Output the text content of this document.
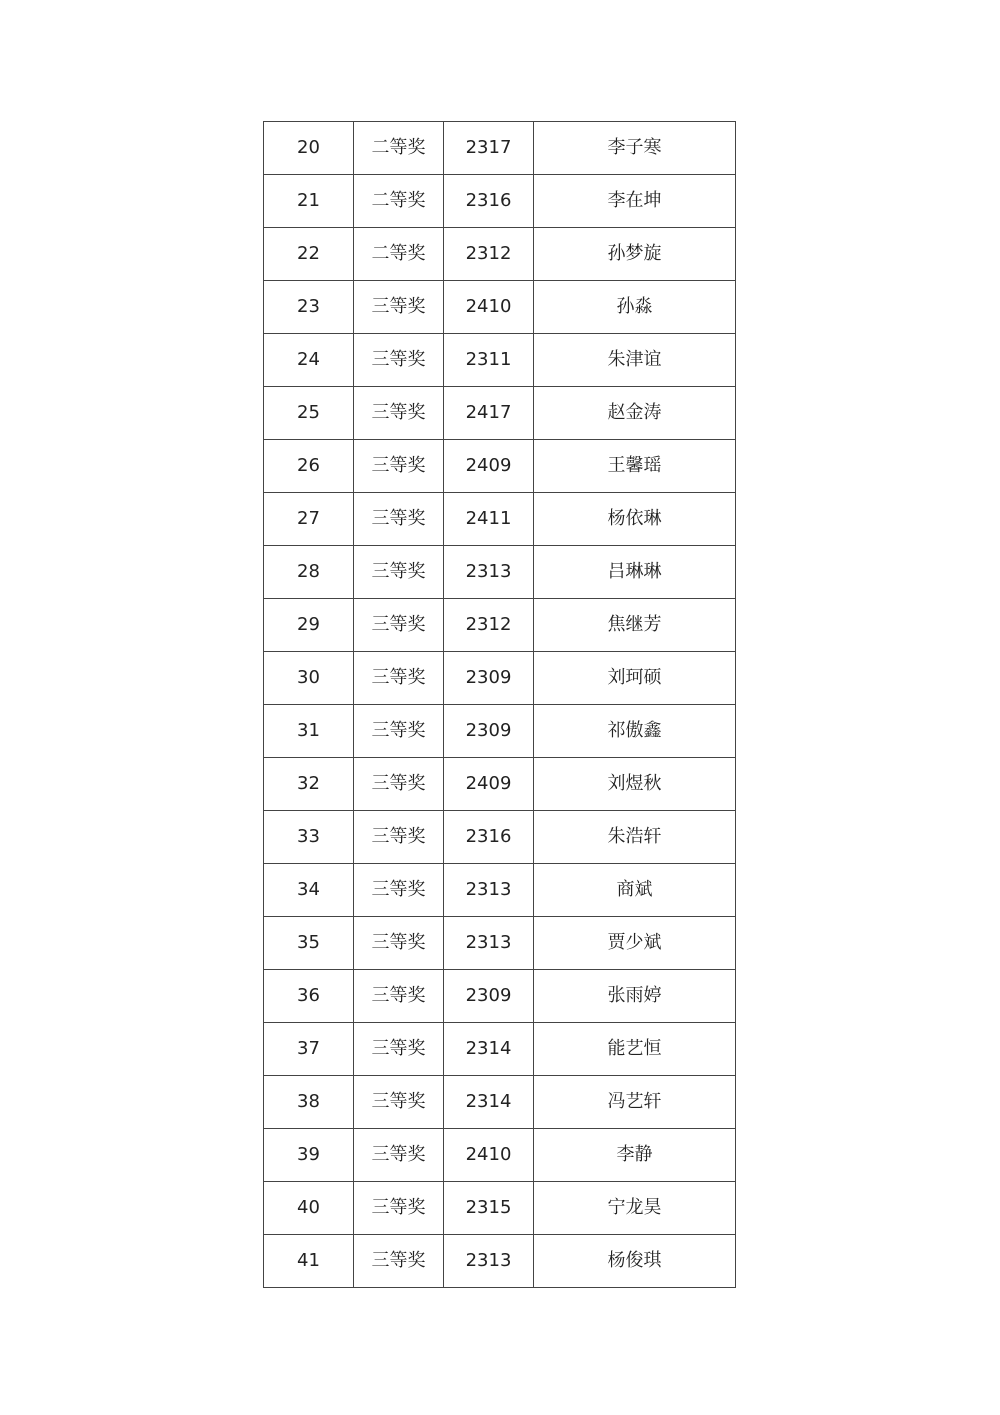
20	二等奖	2317	李子寒
21	二等奖	2316	李在坤
22	二等奖	2312	孙梦旋
23	三等奖	2410	孙淼
24	三等奖	2311	朱津谊
25	三等奖	2417	赵金涛
26	三等奖	2409	王馨瑶
27	三等奖	2411	杨依琳
28	三等奖	2313	吕琳琳
29	三等奖	2312	焦继芳
30	三等奖	2309	刘珂硕
31	三等奖	2309	祁傲鑫
32	三等奖	2409	刘煜秋
33	三等奖	2316	朱浩轩
34	三等奖	2313	商斌
35	三等奖	2313	贾少斌
36	三等奖	2309	张雨婷
37	三等奖	2314	能艺恒
38	三等奖	2314	冯艺轩
39	三等奖	2410	李静
40	三等奖	2315	宁龙昊
41	三等奖	2313	杨俊琪
